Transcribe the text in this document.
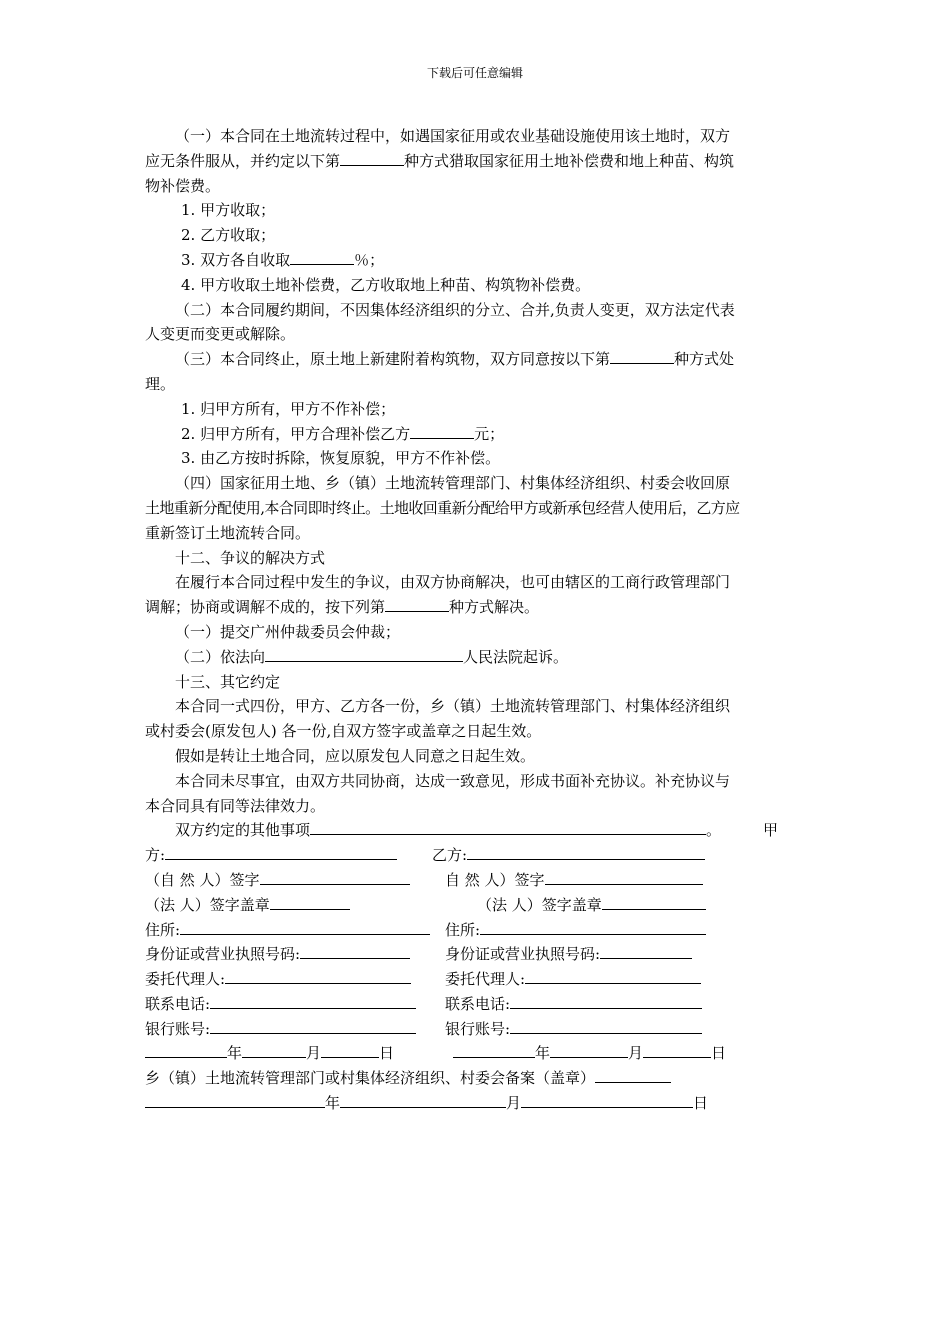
下载后可任意编辑

（一）本合同在土地流转过程中，如遇国家征用或农业基础设施使用该土地时，双方

应无条件服从，并约定以下第	种方式猎取国家征用土地补偿费和地上种苗、构筑

物补偿费。

1. 甲方收取；

2. 乙方收取；

3. 双方各自收取	％；

4. 甲方收取土地补偿费，乙方收取地上种苗、构筑物补偿费。

（二）本合同履约期间，不因集体经济组织的分立、合并,负责人变更，双方法定代表

人变更而变更或解除。

（三）本合同终止，原土地上新建附着构筑物，双方同意按以下第	种方式处

理。

1. 归甲方所有，甲方不作补偿；

2. 归甲方所有，甲方合理补偿乙方	元；

3. 由乙方按时拆除，恢复原貌，甲方不作补偿。

（四）国家征用土地、乡（镇）土地流转管理部门、村集体经济组织、村委会收回原

土地重新分配使用,本合同即时终止。土地收回重新分配给甲方或新承包经营人使用后，乙方应

重新签订土地流转合同。

十二、争议的解决方式

在履行本合同过程中发生的争议，由双方协商解决，也可由辖区的工商行政管理部门

调解；协商或调解不成的，按下列第	种方式解决。

（一）提交广州仲裁委员会仲裁；

（二）依法向	人民法院起诉。

十三、其它约定

本合同一式四份，甲方、乙方各一份，乡（镇）土地流转管理部门、村集体经济组织

或村委会(原发包人) 各一份,自双方签字或盖章之日起生效。

假如是转让土地合同，应以原发包人同意之日起生效。

本合同未尽事宜，由双方共同协商，达成一致意见，形成书面补充协议。补充协议与

本合同具有同等法律效力。

双方约定的其他事项	。	甲

方:	乙方:
（自 然 人）签字	自 然 人）签字
（法 人）签字盖章	（法 人）签字盖章
住所:	住所:
身份证或营业执照号码:	身份证或营业执照号码:
委托代理人:	委托代理人:
联系电话:	联系电话:
银行账号:	银行账号:
年	月	日	年	月	日

乡（镇）土地流转管理部门或村集体经济组织、村委会备案（盖章）

年	月	日
